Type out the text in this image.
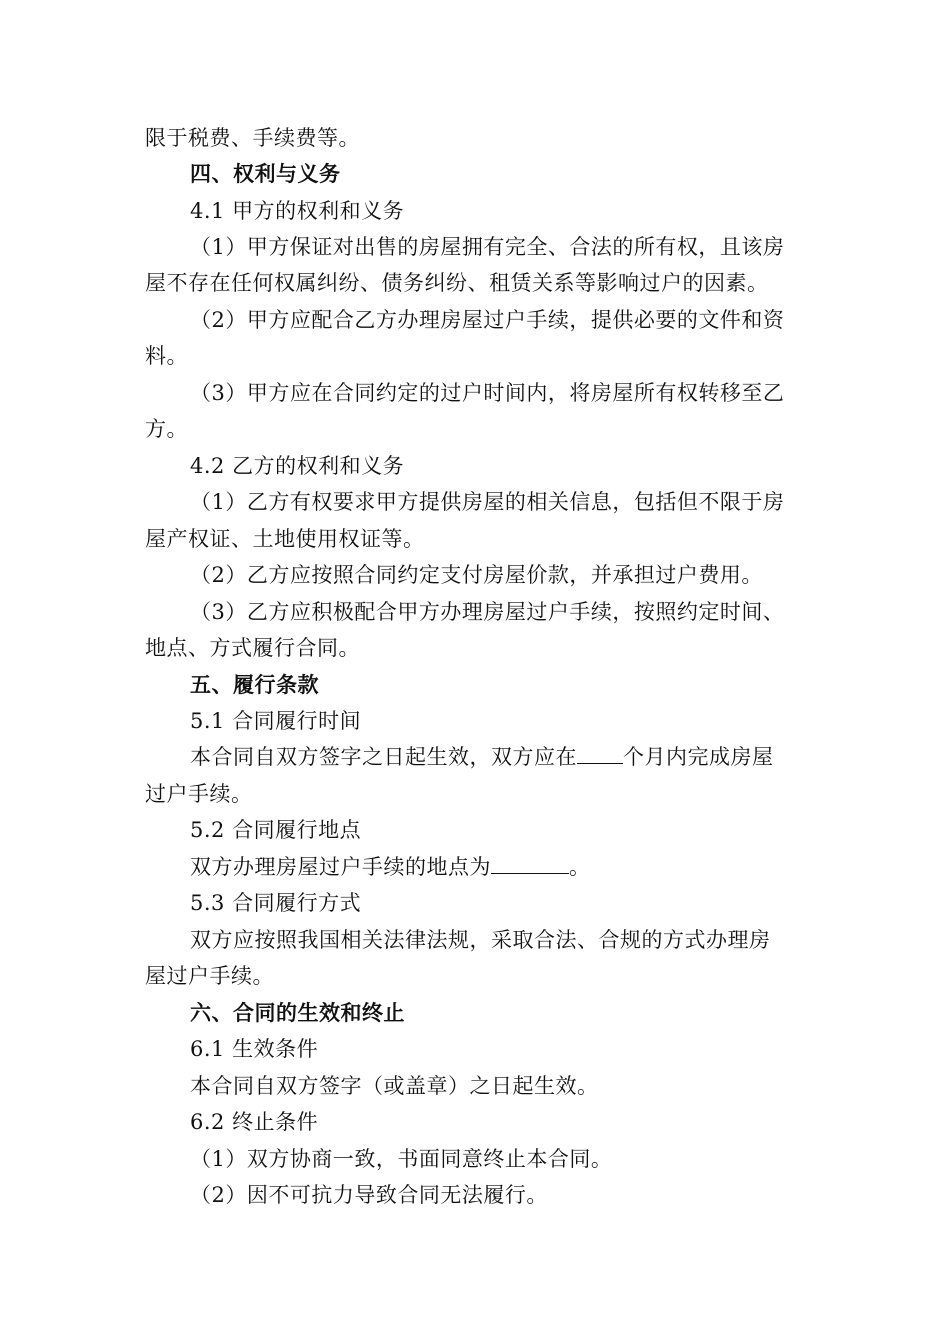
限于税费、手续费等。
四、权利与义务
4.1 甲方的权利和义务
（1）甲方保证对出售的房屋拥有完全、合法的所有权，且该房
屋不存在任何权属纠纷、债务纠纷、租赁关系等影响过户的因素。
（2）甲方应配合乙方办理房屋过户手续，提供必要的文件和资
料。
（3）甲方应在合同约定的过户时间内，将房屋所有权转移至乙
方。
4.2 乙方的权利和义务
（1）乙方有权要求甲方提供房屋的相关信息，包括但不限于房
屋产权证、土地使用权证等。
（2）乙方应按照合同约定支付房屋价款，并承担过户费用。
（3）乙方应积极配合甲方办理房屋过户手续，按照约定时间、
地点、方式履行合同。
五、履行条款
5.1 合同履行时间
本合同自双方签字之日起生效，双方应在 个月内完成房屋
过户手续。
5.2 合同履行地点
双方办理房屋过户手续的地点为	。
5.3 合同履行方式
双方应按照我国相关法律法规，采取合法、合规的方式办理房
屋过户手续。
六、合同的生效和终止
6.1 生效条件
本合同自双方签字（或盖章）之日起生效。
6.2 终止条件
（1）双方协商一致，书面同意终止本合同。
（2）因不可抗力导致合同无法履行。
